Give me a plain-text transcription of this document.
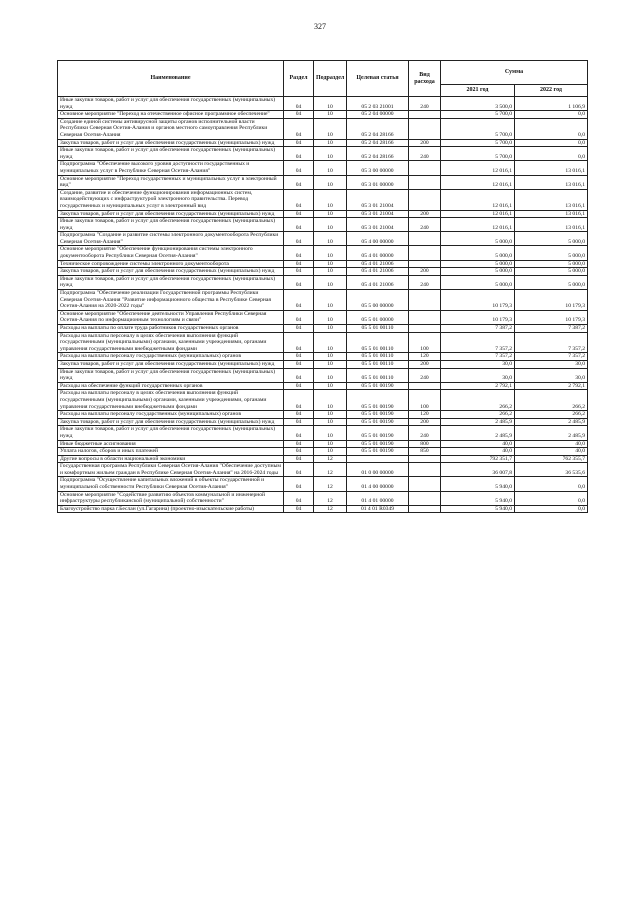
327
Наименование	Раздел	Подраздел	Целевая статья	Вид расхода	Сумма	
					2021 год	2022 год
Иные закупки товаров, работ и услуг для обеспечения государственных (муниципальных) нужд	04	10	05 2 03 21001	240	3 500,0	1 106,9
Основное мероприятие "Переход на отечественное офисное программное обеспечение"	04	10	05 2 04 00000		5 700,0	0,0
Создание единой системы антивирусной защиты органов исполнительной власти Республики Северная Осетия-Алания и органов местного самоуправления Республики Северная Осетия-Алания	04	10	05 2 04 28166		5 700,0	0,0
Закупка товаров, работ и услуг для обеспечения государственных (муниципальных) нужд	04	10	05 2 04 28166	200	5 700,0	0,0
Иные закупки товаров, работ и услуг для обеспечения государственных (муниципальных) нужд	04	10	05 2 04 28166	240	5 700,0	0,0
Подпрограмма "Обеспечение высокого уровня доступности государственных и муниципальных услуг в Республике Северная Осетия-Алания"	04	10	05 3 00 00000		12 016,1	13 016,1
Основное мероприятие "Переход государственных и муниципальных услуг в электронный вид"	04	10	05 3 01 00000		12 016,1	13 016,1
Создание, развитие и обеспечение функционирования информационных систем, взаимодействующих с инфраструктурой электронного правительства. Перевод государственных и муниципальных услуг в электронный вид	04	10	05 3 01 21004		12 016,1	13 016,1
Закупка товаров, работ и услуг для обеспечения государственных (муниципальных) нужд	04	10	05 3 01 21004	200	12 016,1	13 016,1
Иные закупки товаров, работ и услуг для обеспечения государственных (муниципальных) нужд	04	10	05 3 01 21004	240	12 016,1	13 016,1
Подпрограмма "Создание и развитие системы электронного документооборота Республики Северная Осетия-Алания"	04	10	05 4 00 00000		5 000,0	5 000,0
Основное мероприятие "Обеспечение функционирования системы электронного документооборота Республики Северная Осетия-Алания"	04	10	05 4 01 00000		5 000,0	5 000,0
Техническое сопровождение системы электронного документооборота	04	10	05 4 01 21006		5 000,0	5 000,0
Закупка товаров, работ и услуг для обеспечения государственных (муниципальных) нужд	04	10	05 4 01 21006	200	5 000,0	5 000,0
Иные закупки товаров, работ и услуг для обеспечения государственных (муниципальных) нужд	04	10	05 4 01 21006	240	5 000,0	5 000,0
Подпрограмма "Обеспечение реализации Государственной программы Республики Северная Осетия-Алания "Развитие информационного общества в Республике Северная Осетия-Алания на 2020-2022 годы"	04	10	05 5 00 00000		10 179,3	10 179,3
Основное мероприятие "Обеспечение деятельности Управления Республики Северная Осетия-Алания по информационным технологиям и связи"	04	10	05 5 01 00000		10 179,3	10 179,3
Расходы на выплаты по оплате труда работников государственных органов	04	10	05 5 01 00110		7 387,2	7 387,2
Расходы на выплаты персоналу в целях обеспечения выполнения функций государственными (муниципальными) органами, казенными учреждениями, органами управления государственными внебюджетными фондами	04	10	05 5 01 00110	100	7 357,2	7 357,2
Расходы на выплаты персоналу государственных (муниципальных) органов	04	10	05 5 01 00110	120	7 357,2	7 357,2
Закупка товаров, работ и услуг для обеспечения государственных (муниципальных) нужд	04	10	05 5 01 00110	200	30,0	30,0
Иные закупки товаров, работ и услуг для обеспечения государственных (муниципальных) нужд	04	10	05 5 01 00110	240	30,0	30,0
Расходы на обеспечение функций государственных органов	04	10	05 5 01 00190		2 792,1	2 792,1
Расходы на выплаты персоналу в целях обеспечения выполнения функций государственными (муниципальными) органами, казенными учреждениями, органами управления государственными внебюджетными фондами	04	10	05 5 01 00190	100	266,2	266,2
Расходы на выплаты персоналу государственных (муниципальных) органов	04	10	05 5 01 00190	120	266,2	266,2
Закупка товаров, работ и услуг для обеспечения государственных (муниципальных) нужд	04	10	05 5 01 00190	200	2 485,9	2 485,9
Иные закупки товаров, работ и услуг для обеспечения государственных (муниципальных) нужд	04	10	05 5 01 00190	240	2 485,9	2 485,9
Иные бюджетные ассигнования	04	10	05 5 01 00190	800	40,0	40,0
Уплата налогов, сборов и иных платежей	04	10	05 5 01 00190	850	40,0	40,0
Другие вопросы в области национальной экономики	04	12			792 351,7	762 355,7
Государственная программа Республики Северная Осетия-Алания "Обеспечение доступным и комфортным жильем граждан в Республике Северная Осетия-Алания" на 2016-2024 годы	04	12	01 0 00 00000		36 007,8	36 535,6
Подпрограмма "Осуществление капитальных вложений в объекты государственной и муниципальной собственности Республики Северная Осетия-Алания"	04	12	01 4 00 00000		5 940,0	0,0
Основное мероприятие "Содействие развитию объектов коммунальной и инженерной инфраструктуры республиканской (муниципальной) собственности"	04	12	01 4 01 00000		5 940,0	0,0
Благоустройство парка г.Беслан (ул.Гагарина) (проектно-изыскательские работы)	04	12	01 4 01 R0349		5 940,0	0,0
